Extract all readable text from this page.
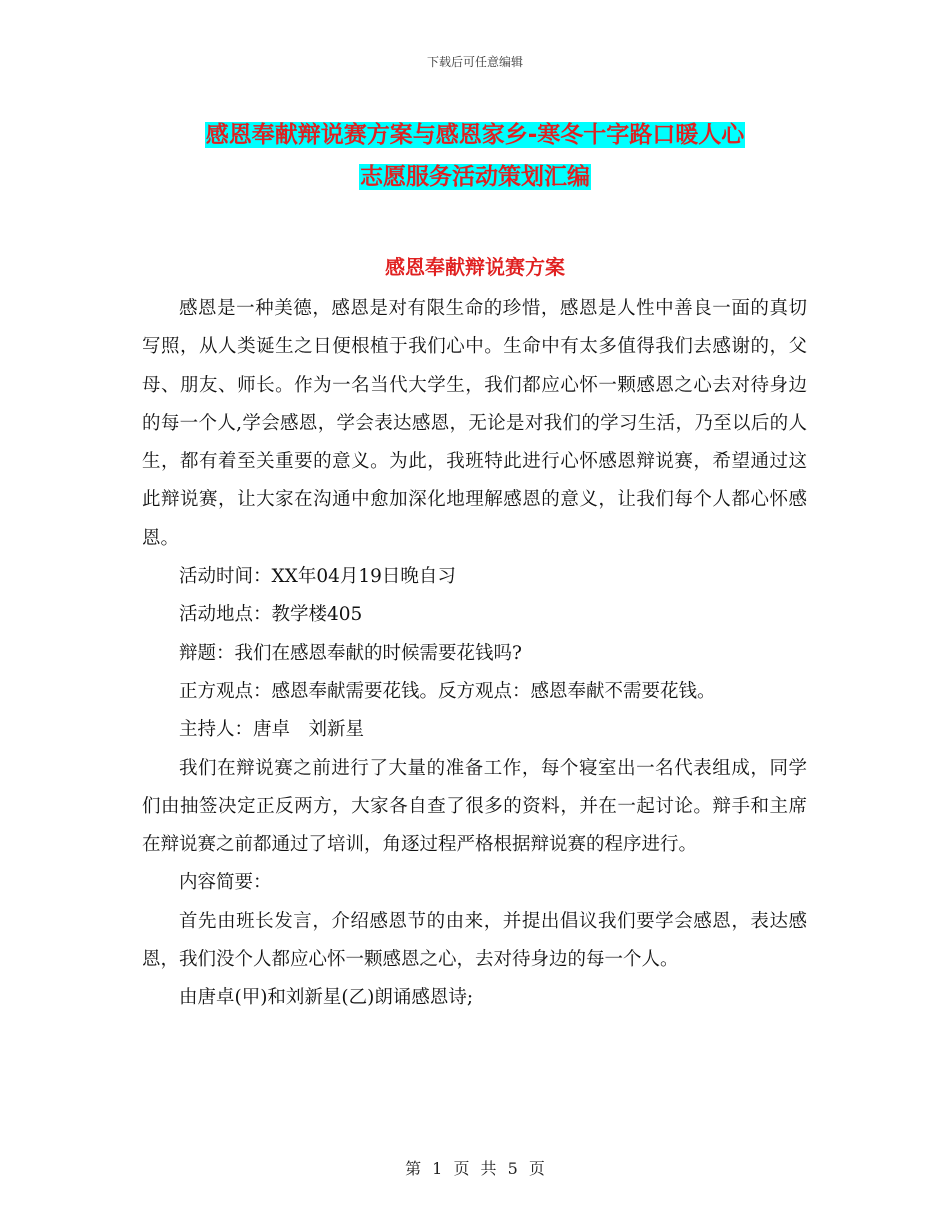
下载后可任意编辑
感恩奉献辩说赛方案与感恩家乡-寒冬十字路口暖人心
志愿服务活动策划汇编
感恩奉献辩说赛方案

感恩是一种美德，感恩是对有限生命的珍惜，感恩是人性中善良一面的真切写照，从人类诞生之日便根植于我们心中。生命中有太多值得我们去感谢的，父母、朋友、师长。作为一名当代大学生，我们都应心怀一颗感恩之心去对待身边的每一个人,学会感恩，学会表达感恩，无论是对我们的学习生活，乃至以后的人生，都有着至关重要的意义。为此，我班特此进行心怀感恩辩说赛，希望通过这此辩说赛，让大家在沟通中愈加深化地理解感恩的意义，让我们每个人都心怀感恩。

活动时间：XX年04月19日晚自习

活动地点：教学楼405

辩题：我们在感恩奉献的时候需要花钱吗?

正方观点：感恩奉献需要花钱。反方观点：感恩奉献不需要花钱。

主持人：唐卓　刘新星

我们在辩说赛之前进行了大量的准备工作，每个寝室出一名代表组成，同学们由抽签决定正反两方，大家各自查了很多的资料，并在一起讨论。辩手和主席在辩说赛之前都通过了培训，角逐过程严格根据辩说赛的程序进行。

内容简要：

首先由班长发言，介绍感恩节的由来，并提出倡议我们要学会感恩，表达感恩，我们没个人都应心怀一颗感恩之心，去对待身边的每一个人。

由唐卓(甲)和刘新星(乙)朗诵感恩诗;

第 1 页 共 5 页
